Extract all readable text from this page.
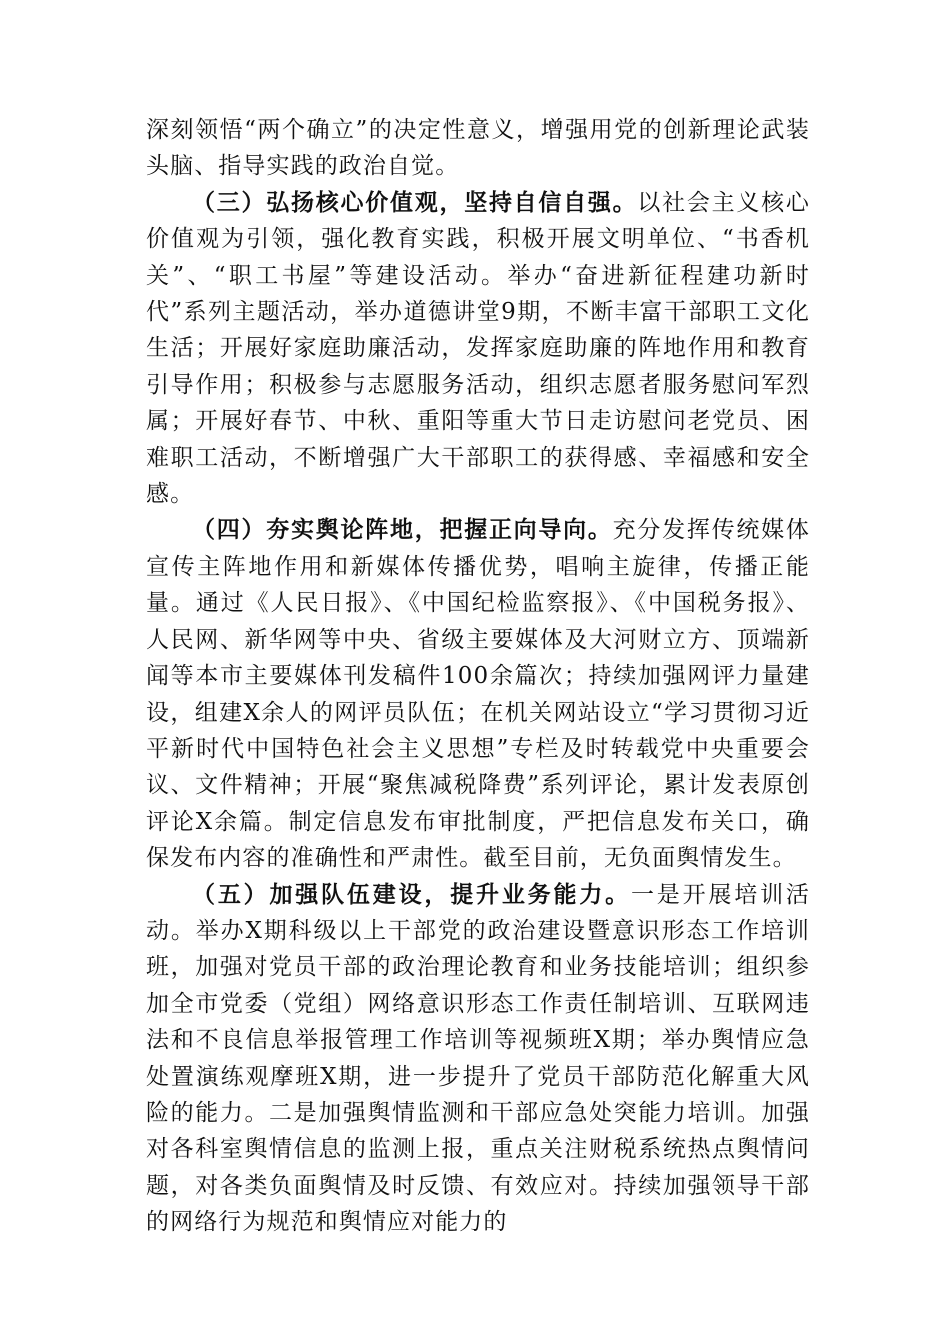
深刻领悟“两个确立”的决定性意义，增强用党的创新理论武装头脑、指导实践的政治自觉。

（三）弘扬核心价值观，坚持自信自强。以社会主义核心价值观为引领，强化教育实践，积极开展文明单位、“书香机关”、“职工书屋”等建设活动。举办“奋进新征程建功新时代”系列主题活动，举办道德讲堂9期，不断丰富干部职工文化生活；开展好家庭助廉活动，发挥家庭助廉的阵地作用和教育引导作用；积极参与志愿服务活动，组织志愿者服务慰问军烈属；开展好春节、中秋、重阳等重大节日走访慰问老党员、困难职工活动，不断增强广大干部职工的获得感、幸福感和安全感。

（四）夯实舆论阵地，把握正向导向。充分发挥传统媒体宣传主阵地作用和新媒体传播优势，唱响主旋律，传播正能量。通过《人民日报》、《中国纪检监察报》、《中国税务报》、人民网、新华网等中央、省级主要媒体及大河财立方、顶端新闻等本市主要媒体刊发稿件100余篇次；持续加强网评力量建设，组建X余人的网评员队伍；在机关网站设立“学习贯彻习近平新时代中国特色社会主义思想”专栏及时转载党中央重要会议、文件精神；开展“聚焦减税降费”系列评论，累计发表原创评论X余篇。制定信息发布审批制度，严把信息发布关口，确保发布内容的准确性和严肃性。截至目前，无负面舆情发生。

（五）加强队伍建设，提升业务能力。一是开展培训活动。举办X期科级以上干部党的政治建设暨意识形态工作培训班，加强对党员干部的政治理论教育和业务技能培训；组织参加全市党委（党组）网络意识形态工作责任制培训、互联网违法和不良信息举报管理工作培训等视频班X期；举办舆情应急处置演练观摩班X期，进一步提升了党员干部防范化解重大风险的能力。二是加强舆情监测和干部应急处突能力培训。加强对各科室舆情信息的监测上报，重点关注财税系统热点舆情问题，对各类负面舆情及时反馈、有效应对。持续加强领导干部的网络行为规范和舆情应对能力的
